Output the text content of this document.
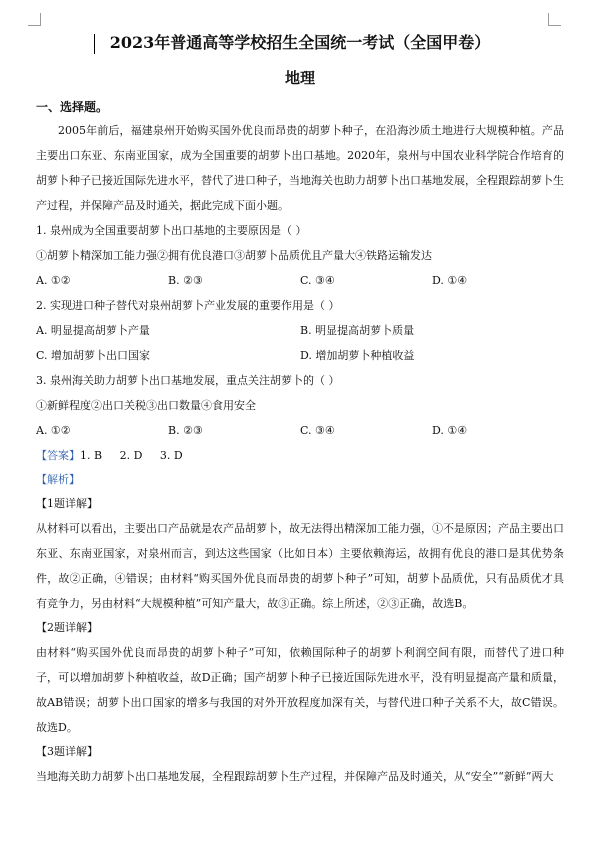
2023年普通高等学校招生全国统一考试（全国甲卷）
地理
一、选择题。

2005年前后，福建泉州开始购买国外优良而昂贵的胡萝卜种子，在沿海沙质土地进行大规模种植。产品主要出口东亚、东南亚国家，成为全国重要的胡萝卜出口基地。2020年，泉州与中国农业科学院合作培育的胡萝卜种子已接近国际先进水平，替代了进口种子，当地海关也助力胡萝卜出口基地发展，全程跟踪胡萝卜生产过程，并保障产品及时通关，据此完成下面小题。

1. 泉州成为全国重要胡萝卜出口基地的主要原因是（ ）

①胡萝卜精深加工能力强②拥有优良港口③胡萝卜品质优且产量大④铁路运输发达

A. ①②	B. ②③	C. ③④	D. ①④

2. 实现进口种子替代对泉州胡萝卜产业发展的重要作用是（ ）

A. 明显提高胡萝卜产量	B. 明显提高胡萝卜质量
C. 增加胡萝卜出口国家	D. 增加胡萝卜种植收益

3. 泉州海关助力胡萝卜出口基地发展，重点关注胡萝卜的（ ）

①新鲜程度②出口关税③出口数量④食用安全

A. ①②	B. ②③	C. ③④	D. ①④
【答案】1. B 2. D 3. D
【解析】
【1题详解】

从材料可以看出，主要出口产品就是农产品胡萝卜，故无法得出精深加工能力强，①不是原因；产品主要出口东亚、东南亚国家，对泉州而言，到达这些国家（比如日本）主要依赖海运，故拥有优良的港口是其优势条件，故②正确，④错误；由材料“购买国外优良而昂贵的胡萝卜种子”可知，胡萝卜品质优，只有品质优才具有竞争力，另由材料“大规模种植”可知产量大，故③正确。综上所述，②③正确，故选B。

【2题详解】

由材料“购买国外优良而昂贵的胡萝卜种子”可知，依赖国际种子的胡萝卜利润空间有限，而替代了进口种子，可以增加胡萝卜种植收益，故D正确；国产胡萝卜种子已接近国际先进水平，没有明显提高产量和质量，故AB错误；胡萝卜出口国家的增多与我国的对外开放程度加深有关，与替代进口种子关系不大，故C错误。故选D。

【3题详解】

当地海关助力胡萝卜出口基地发展，全程跟踪胡萝卜生产过程，并保障产品及时通关，从“安全”“新鲜”两大
